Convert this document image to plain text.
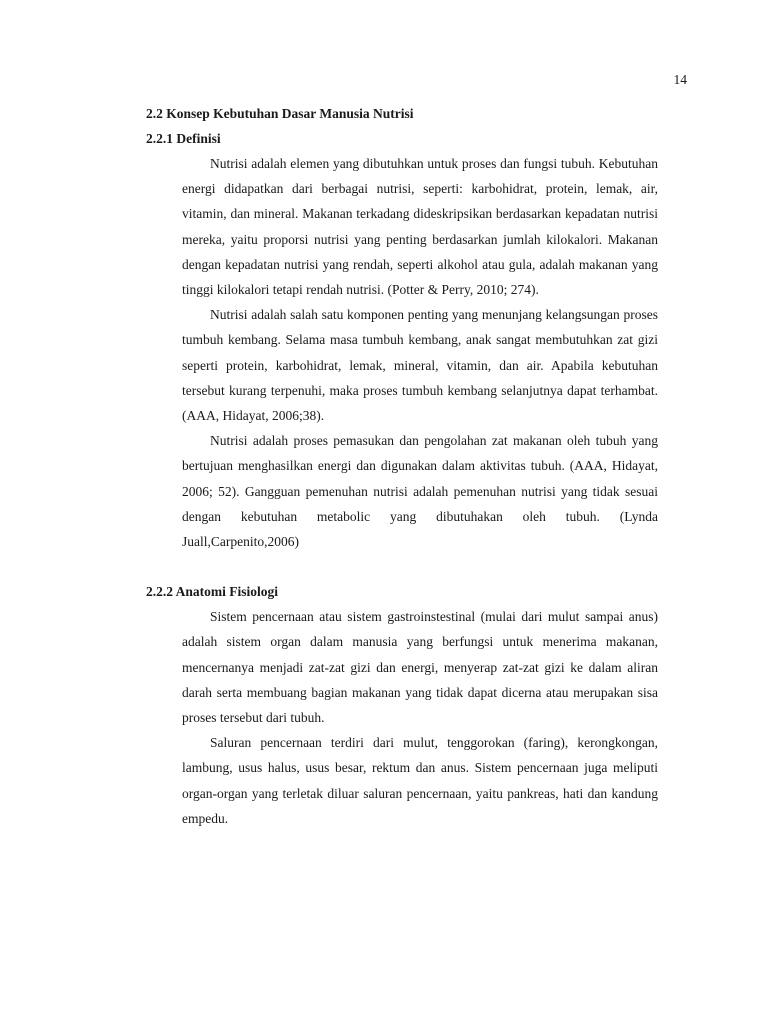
14
2.2 Konsep Kebutuhan Dasar Manusia Nutrisi
2.2.1 Definisi

Nutrisi adalah elemen yang dibutuhkan untuk proses dan fungsi tubuh. Kebutuhan energi didapatkan dari berbagai nutrisi, seperti: karbohidrat, protein, lemak, air, vitamin, dan mineral. Makanan terkadang dideskripsikan berdasarkan kepadatan nutrisi mereka, yaitu proporsi nutrisi yang penting berdasarkan jumlah kilokalori. Makanan dengan kepadatan nutrisi yang rendah, seperti alkohol atau gula, adalah makanan yang tinggi kilokalori tetapi rendah nutrisi. (Potter & Perry, 2010; 274).

Nutrisi adalah salah satu komponen penting yang menunjang kelangsungan proses tumbuh kembang. Selama masa tumbuh kembang, anak sangat membutuhkan zat gizi seperti protein, karbohidrat, lemak, mineral, vitamin, dan air. Apabila kebutuhan tersebut kurang terpenuhi, maka proses tumbuh kembang selanjutnya dapat terhambat. (AAA, Hidayat, 2006;38).

Nutrisi adalah proses pemasukan dan pengolahan zat makanan oleh tubuh yang bertujuan menghasilkan energi dan digunakan dalam aktivitas tubuh. (AAA, Hidayat, 2006; 52). Gangguan pemenuhan nutrisi adalah pemenuhan nutrisi yang tidak sesuai dengan kebutuhan metabolic yang dibutuhakan oleh tubuh. (Lynda Juall,Carpenito,2006)

2.2.2 Anatomi Fisiologi

Sistem pencernaan atau sistem gastroinstestinal (mulai dari mulut sampai anus) adalah sistem organ dalam manusia yang berfungsi untuk menerima makanan, mencernanya menjadi zat-zat gizi dan energi, menyerap zat-zat gizi ke dalam aliran darah serta membuang bagian makanan yang tidak dapat dicerna atau merupakan sisa proses tersebut dari tubuh.

Saluran pencernaan terdiri dari mulut, tenggorokan (faring), kerongkongan, lambung, usus halus, usus besar, rektum dan anus. Sistem pencernaan juga meliputi organ-organ yang terletak diluar saluran pencernaan, yaitu pankreas, hati dan kandung empedu.
